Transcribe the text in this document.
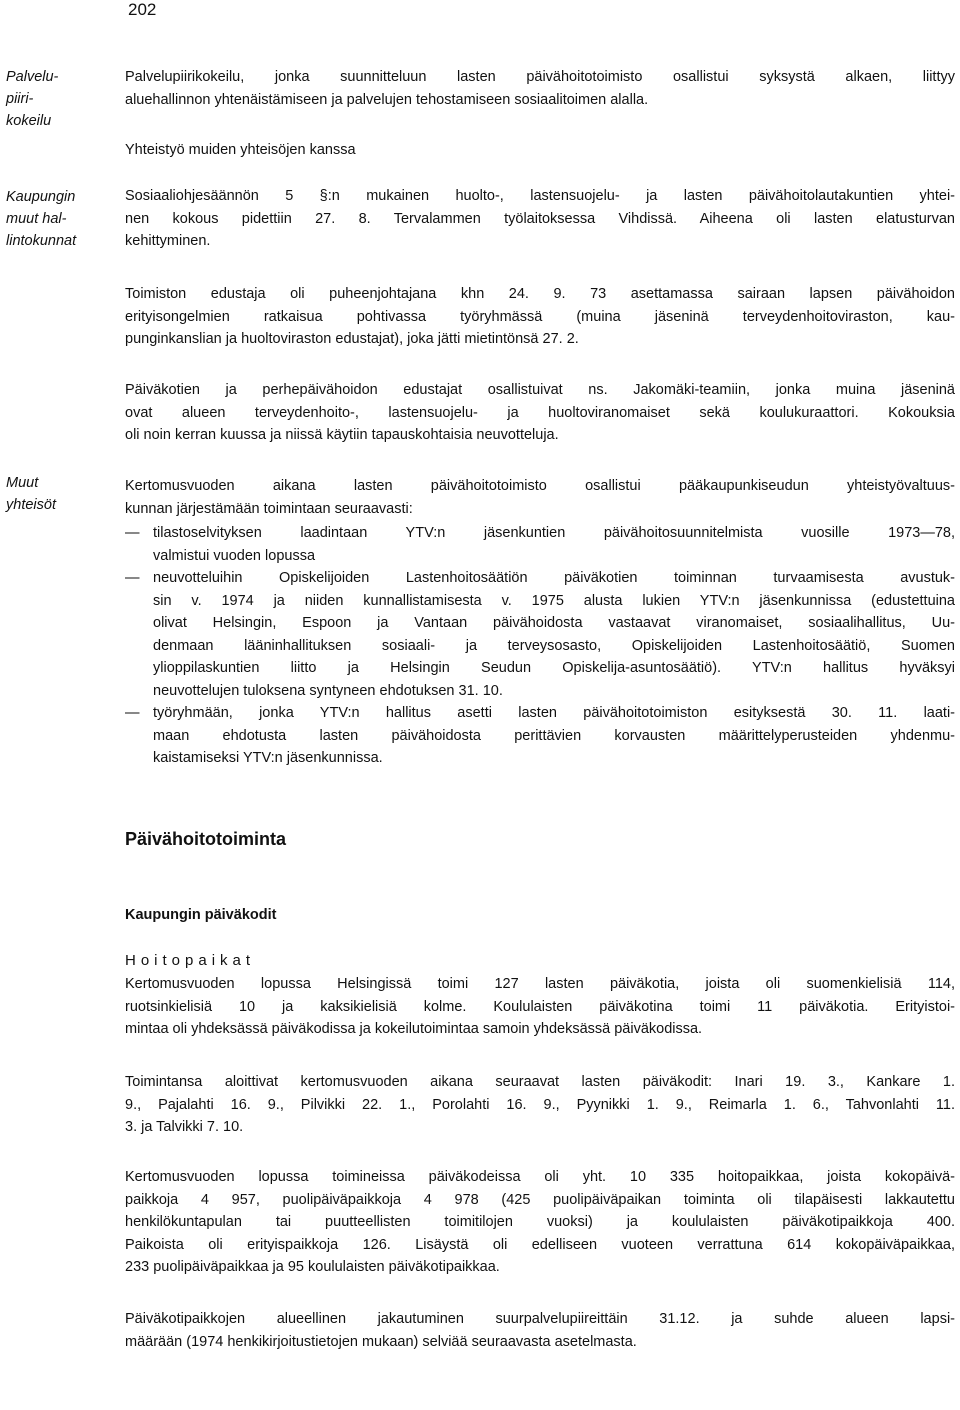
202
Palvelu-
piiri-
kokeilu
Kaupungin
muut hal-
lintokunnat
Muut
yhteisöt
Palvelupiirikokeilu, jonka suunnitteluun lasten päivähoitotoimisto osallistui syksystä alkaen, liittyy
aluehallinnon yhtenäistämiseen ja palvelujen tehostamiseen sosiaalitoimen alalla.
Yhteistyö muiden yhteisöjen kanssa
Sosiaaliohjesäännön 5 §:n mukainen huolto-, lastensuojelu- ja lasten päivähoitolautakuntien yhtei-
nen kokous pidettiin 27. 8. Tervalammen työlaitoksessa Vihdissä. Aiheena oli lasten elatusturvan
kehittyminen.
Toimiston edustaja oli puheenjohtajana khn 24. 9. 73 asettamassa sairaan lapsen päivähoidon
erityisongelmien ratkaisua pohtivassa työryhmässä (muina jäseninä terveydenhoitoviraston, kau-
punginkanslian ja huoltoviraston edustajat), joka jätti mietintönsä 27. 2.
Päiväkotien ja perhepäivähoidon edustajat osallistuivat ns. Jakomäki-teamiin, jonka muina jäseninä
ovat alueen terveydenhoito-, lastensuojelu- ja huoltoviranomaiset sekä koulukuraattori. Kokouksia
oli noin kerran kuussa ja niissä käytiin tapauskohtaisia neuvotteluja.
Kertomusvuoden aikana lasten päivähoitotoimisto osallistui pääkaupunkiseudun yhteistyövaltuus-
kunnan järjestämään toimintaan seuraavasti:
— tilastoselvityksen laadintaan YTV:n jäsenkuntien päivähoitosuunnitelmista vuosille 1973—78,
valmistui vuoden lopussa
— neuvotteluihin Opiskelijoiden Lastenhoitosäätiön päiväkotien toiminnan turvaamisesta avustuk-
sin v. 1974 ja niiden kunnallistamisesta v. 1975 alusta lukien YTV:n jäsenkunnissa (edustettuina
olivat Helsingin, Espoon ja Vantaan päivähoidosta vastaavat viranomaiset, sosiaalihallitus, Uu-
denmaan lääninhallituksen sosiaali- ja terveysosasto, Opiskelijoiden Lastenhoitosäätiö, Suomen
ylioppilaskuntien liitto ja Helsingin Seudun Opiskelija-asuntosäätiö). YTV:n hallitus hyväksyi
neuvottelujen tuloksena syntyneen ehdotuksen 31. 10.
— työryhmään, jonka YTV:n hallitus asetti lasten päivähoitotoimiston esityksestä 30. 11. laati-
maan ehdotusta lasten päivähoidosta perittävien korvausten määrittelyperusteiden yhdenmu-
kaistamiseksi YTV:n jäsenkunnissa.
Päivähoitotoiminta
Kaupungin päiväkodit
Hoitopaikat
Kertomusvuoden lopussa Helsingissä toimi 127 lasten päiväkotia, joista oli suomenkielisiä 114,
ruotsinkielisiä 10 ja kaksikielisiä kolme. Koululaisten päiväkotina toimi 11 päiväkotia. Erityistoi-
mintaa oli yhdeksässä päiväkodissa ja kokeilutoimintaa samoin yhdeksässä päiväkodissa.
Toimintansa aloittivat kertomusvuoden aikana seuraavat lasten päiväkodit: Inari 19. 3., Kankare 1.
9., Pajalahti 16. 9., Pilvikki 22. 1., Porolahti 16. 9., Pyynikki 1. 9., Reimarla 1. 6., Tahvonlahti 11.
3. ja Talvikki 7. 10.
Kertomusvuoden lopussa toimineissa päiväkodeissa oli yht. 10 335 hoitopaikkaa, joista kokopäivä-
paikkoja 4 957, puolipäiväpaikkoja 4 978 (425 puolipäiväpaikan toiminta oli tilapäisesti lakkautettu
henkilökuntapulan tai puutteellisten toimitilojen vuoksi) ja koululaisten päiväkotipaikkoja 400.
Paikoista oli erityispaikkoja 126. Lisäystä oli edelliseen vuoteen verrattuna 614 kokopäiväpaikkaa,
233 puolipäiväpaikkaa ja 95 koululaisten päiväkotipaikkaa.
Päiväkotipaikkojen alueellinen jakautuminen suurpalvelupiireittäin 31.12. ja suhde alueen lapsi-
määrään (1974 henkikirjoitustietojen mukaan) selviää seuraavasta asetelmasta.
